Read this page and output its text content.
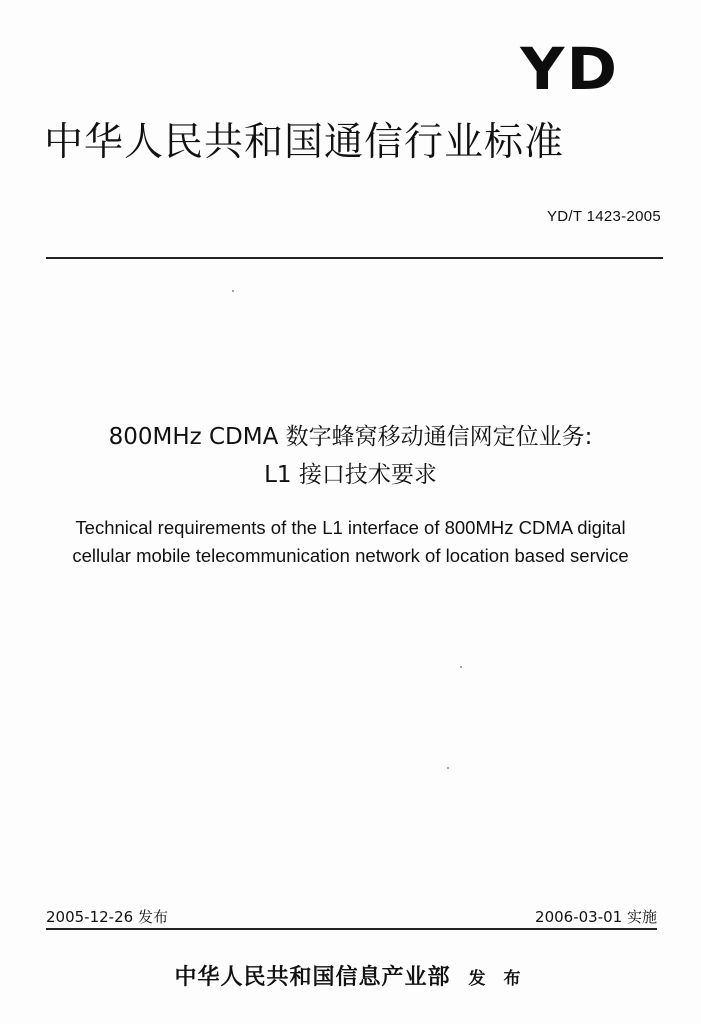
YD
中华人民共和国通信行业标准
YD/T 1423-2005
800MHz CDMA 数字蜂窝移动通信网定位业务:
L1 接口技术要求
Technical requirements of the L1 interface of 800MHz CDMA digital
cellular mobile telecommunication network of location based service
2005-12-26 发布	2006-03-01 实施
中华人民共和国信息产业部 发 布
